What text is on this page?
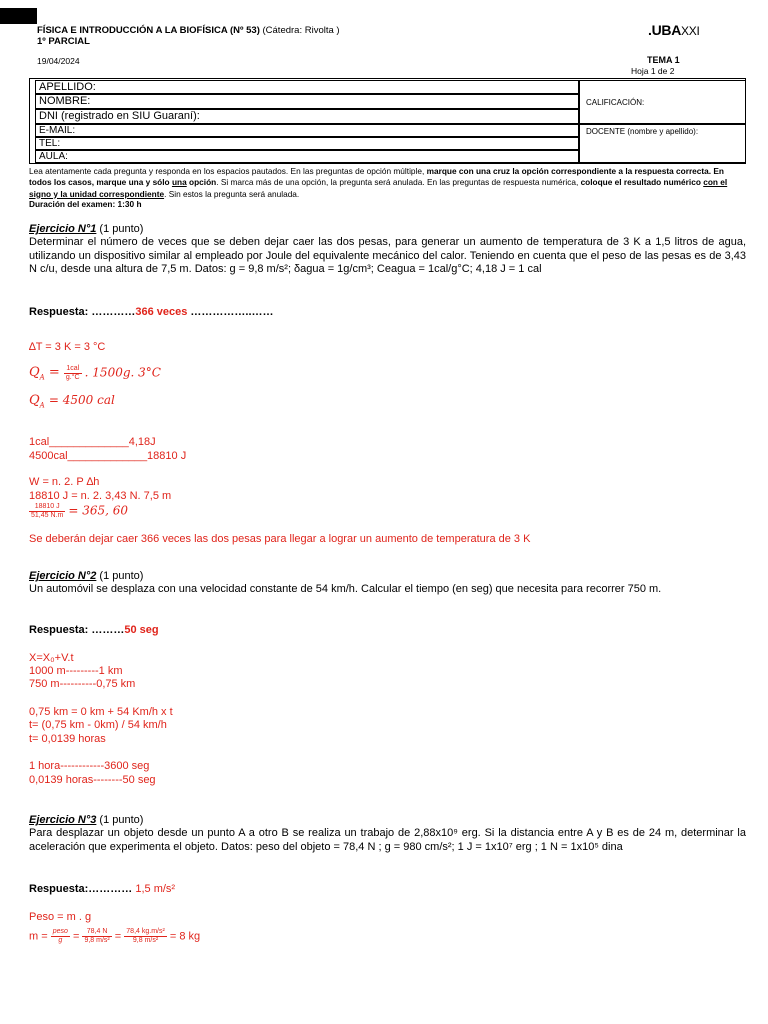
FÍSICA E INTRODUCCIÓN A LA BIOFÍSICA (Nº 53) (Cátedra: Rivolta )
1º PARCIAL
19/04/2024
.UBAXXI
TEMA 1
Hoja 1 de 2
APELLIDO:
NOMBRE:
DNI (registrado en SIU Guaraní):
E-MAIL:
TEL:
AULA:
CALIFICACIÓN:
DOCENTE (nombre y apellido):
Lea atentamente cada pregunta y responda en los espacios pautados. En las preguntas de opción múltiple, marque con una cruz la opción correspondiente a la respuesta correcta. En todos los casos, marque una y sólo una opción. Si marca más de una opción, la pregunta será anulada. En las preguntas de respuesta numérica, coloque el resultado numérico con el signo y la unidad correspondiente. Sin estos la pregunta será anulada.
Duración del examen: 1:30 h
Ejercicio N°1 (1 punto)
Determinar el número de veces que se deben dejar caer las dos pesas, para generar un aumento de temperatura de 3 K a 1,5 litros de agua, utilizando un dispositivo similar al empleado por Joule del equivalente mecánico del calor. Teniendo en cuenta que el peso de las pesas es de 3,43 N c/u, desde una altura de 7,5 m. Datos: g = 9,8 m/s²; δagua = 1g/cm³; Ceagua = 1cal/g°C; 4,18 J = 1 cal
Respuesta: …………366 veces ……………..……
∆T = 3 K = 3 °C
$Q_A = \frac{\text{1cal}}{g.^\circ C}$ . 1500g. 3°C
$Q_A = 4500$ cal
1cal_____________4,18J
4500cal_____________18810 J
W = n. 2. P ∆h
18810 J = n. 2. 3,43 N. 7,5 m
$\frac{18810 J}{51,45 N.m} = 365$, 60
Se deberán dejar caer 366 veces las dos pesas para llegar a lograr un aumento de temperatura de 3 K
Ejercicio N°2 (1 punto)
Un automóvil se desplaza con una velocidad constante de 54 km/h. Calcular el tiempo (en seg) que necesita para recorrer 750 m.
Respuesta: ………50 seg
X=X₀+V.t
1000 m---------1 km
750 m----------0,75 km
0,75 km = 0 km + 54 Km/h x t
t= (0,75 km - 0km) / 54 km/h
t= 0,0139 horas
1 hora------------3600 seg
0,0139 horas--------50 seg
Ejercicio N°3 (1 punto)
Para desplazar un objeto desde un punto A a otro B se realiza un trabajo de 2,88x10⁹ erg. Si la distancia entre A y B es de 24 m, determinar la aceleración que experimenta el objeto. Datos: peso del objeto = 78,4 N ; g = 980 cm/s²; 1 J = 1x10⁷ erg ; 1 N = 1x10⁵ dina
Respuesta:………… 1,5 m/s²
Peso = m . g
$m = \frac{\text{peso}}{g} = \frac{78,4 N}{\text{9,8 m/s²}} = \frac{\text{78,4 kg.m/s²}}{\text{9,8 m/s²}} = 8$ kg
